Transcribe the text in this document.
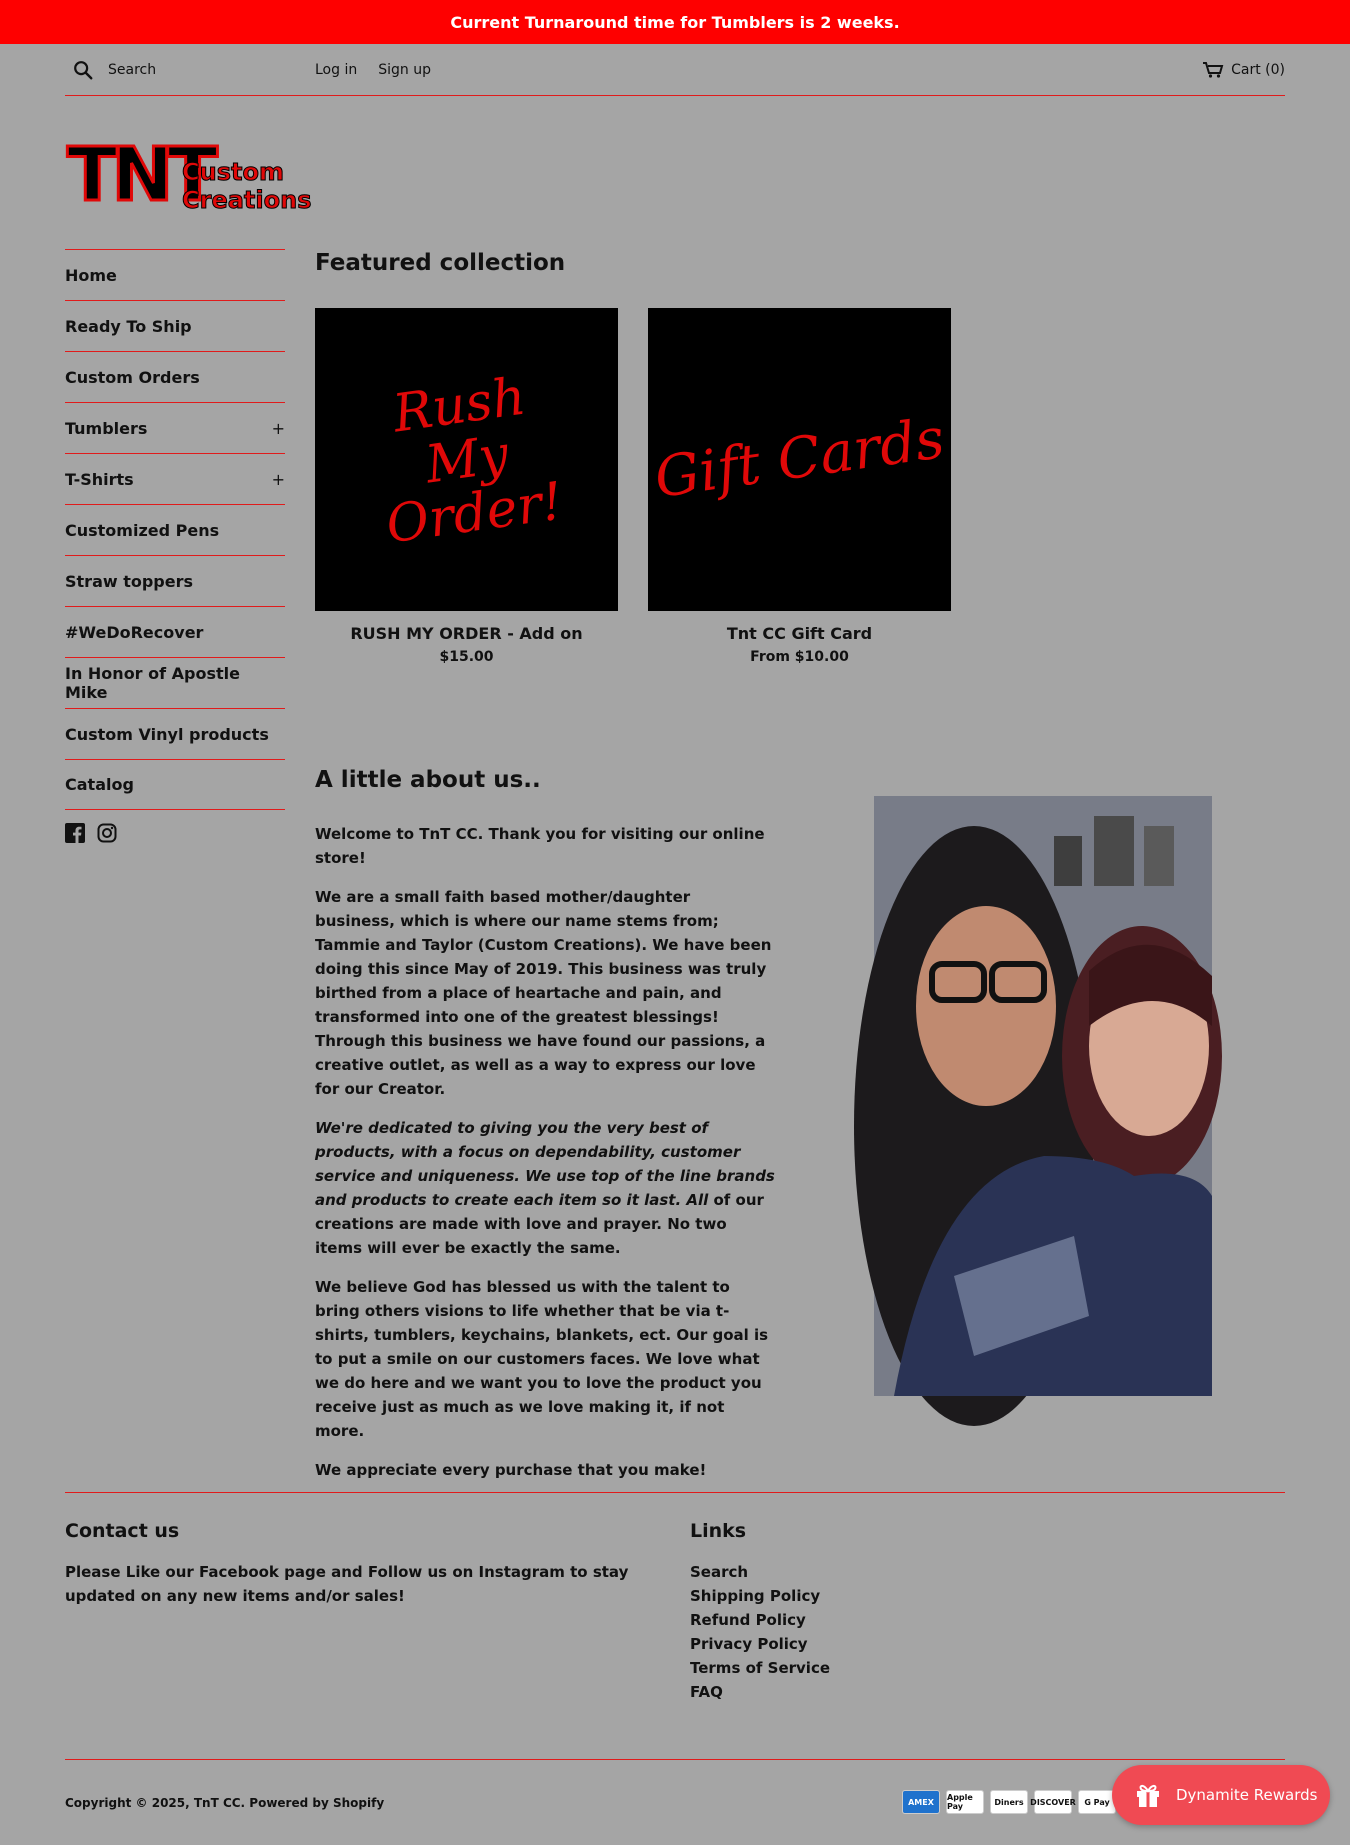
Current Turnaround time for Tumblers is 2 weeks.
Search
Log in Sign up	Cart (0)
TNT
Custom
Creations
Home
Ready To Ship
Custom Orders
Tumblers	+
T-Shirts	+
Customized Pens
Straw toppers
#WeDoRecover
In Honor of Apostle Mike
Custom Vinyl products
Catalog
Featured collection
Rush My Order!
RUSH MY ORDER - Add on
$15.00
Gift Cards
Tnt CC Gift Card
From $10.00
A little about us..

Welcome to TnT CC. Thank you for visiting our online store!

We are a small faith based mother/daughter business, which is where our name stems from; Tammie and Taylor (Custom Creations). We have been doing this since May of 2019. This business was truly birthed from a place of heartache and pain, and transformed into one of the greatest blessings! Through this business we have found our passions, a creative outlet, as well as a way to express our love for our Creator.

We're dedicated to giving you the very best of products, with a focus on dependability, customer service and uniqueness. We use top of the line brands and products to create each item so it last. All of our creations are made with love and prayer. No two items will ever be exactly the same.

We believe God has blessed us with the talent to bring others visions to life whether that be via t-shirts, tumblers, keychains, blankets, ect. Our goal is to put a smile on our customers faces. We love what we do here and we want you to love the product you receive just as much as we love making it, if not more.

We appreciate every purchase that you make!

Contact us

Please Like our Facebook page and Follow us on Instagram to stay updated on any new items and/or sales!

Links
Search
Shipping Policy
Refund Policy
Privacy Policy
Terms of Service
FAQ
Copyright © 2025, TnT CC. Powered by Shopify	AMEX	Apple Pay	Diners DISCOVER	G Pay	Dynamite Rewards
